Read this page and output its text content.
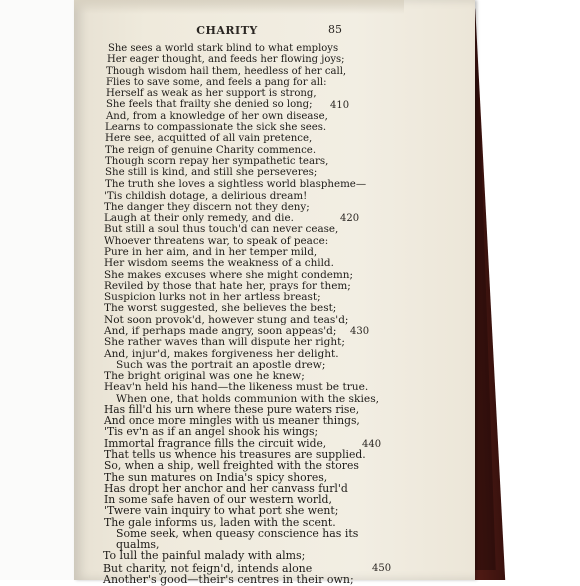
CHARITY	85
She sees a world stark blind to what employs
Her eager thought, and feeds her flowing joys;
Though wisdom hail them, heedless of her call,
Flies to save some, and feels a pang for all:
Herself as weak as her support is strong,
She feels that frailty she denied so long;
And, from a knowledge of her own disease,
Learns to compassionate the sick she sees.
Here see, acquitted of all vain pretence,
The reign of genuine Charity commence.
Though scorn repay her sympathetic tears,
She still is kind, and still she perseveres;
The truth she loves a sightless world blaspheme—
'Tis childish dotage, a delirious dream!
The danger they discern not they deny;
Laugh at their only remedy, and die.
But still a soul thus touch'd can never cease,
Whoever threatens war, to speak of peace:
Pure in her aim, and in her temper mild,
Her wisdom seems the weakness of a child.
She makes excuses where she might condemn;
Reviled by those that hate her, prays for them;
Suspicion lurks not in her artless breast;
The worst suggested, she believes the best;
Not soon provok'd, however stung and teas'd;
And, if perhaps made angry, soon appeas'd;
She rather waves than will dispute her right;
And, injur'd, makes forgiveness her delight.
Such was the portrait an apostle drew;
The bright original was one he knew;
Heav'n held his hand—the likeness must be true.
When one, that holds communion with the skies,
Has fill'd his urn where these pure waters rise,
And once more mingles with us meaner things,
'Tis ev'n as if an angel shook his wings;
Immortal fragrance fills the circuit wide,
That tells us whence his treasures are supplied.
So, when a ship, well freighted with the stores
The sun matures on India's spicy shores,
Has dropt her anchor and her canvass furl'd
In some safe haven of our western world,
'Twere vain inquiry to what port she went;
The gale informs us, laden with the scent.
Some seek, when queasy conscience has its
qualms,
To lull the painful malady with alms;
But charity, not feign'd, intends alone
Another's good—their's centres in their own;
410
420
430
440
450
